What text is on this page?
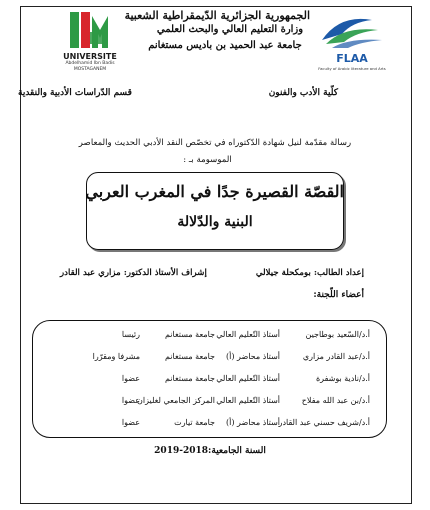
UNIVERSITE
Abdelhamid Ibn Badis
MOSTAGANEM
FLAA
Faculty of Arabic literature and Arts
الجمهورية الجزائرية الدّيمقراطية الشعبية
وزارة التعليم العالي والبحث العلمي
جامعة عبد الحميد بن باديس مستغانم
كلّية الأدب والفنون
قسم الدّراسات الأدبية والنقدية
رسالة مقدّمة لنيل شهادة الدّكتوراه في تخصّص النقد الأدبي الحديث والمعاصر
الموسومة بـ :
القصّة القصيرة جدًا في المغرب العربي
البنية والدّلالة
إعداد الطالب: بومكحلة جيلالي
إشراف الأستاذ الدكتور: مزاري عبد القادر
أعضاء اللّجنة:
أ.د/السّعيد بوطاجين
أستاذ التّعليم العالي
جامعة مستغانم
رئيسا
أ.د/عبد القادر مزاري
أستاذ محاضر (أ)
جامعة مستغانم
مشرفا ومقرّرا
أ.د/نادية بوشفرة
أستاذ التّعليم العالي
جامعة مستغانم
عضوا
أ.د/بن عبد الله مفلاح
أستاذ التّعليم العالي
المركز الجامعي لغليزان
عضوا
أ.د/شريف حسني عبد القادر
أستاذ محاضر (أ)
جامعة تيارت
عضوا
السنة الجامعية:2018-2019
